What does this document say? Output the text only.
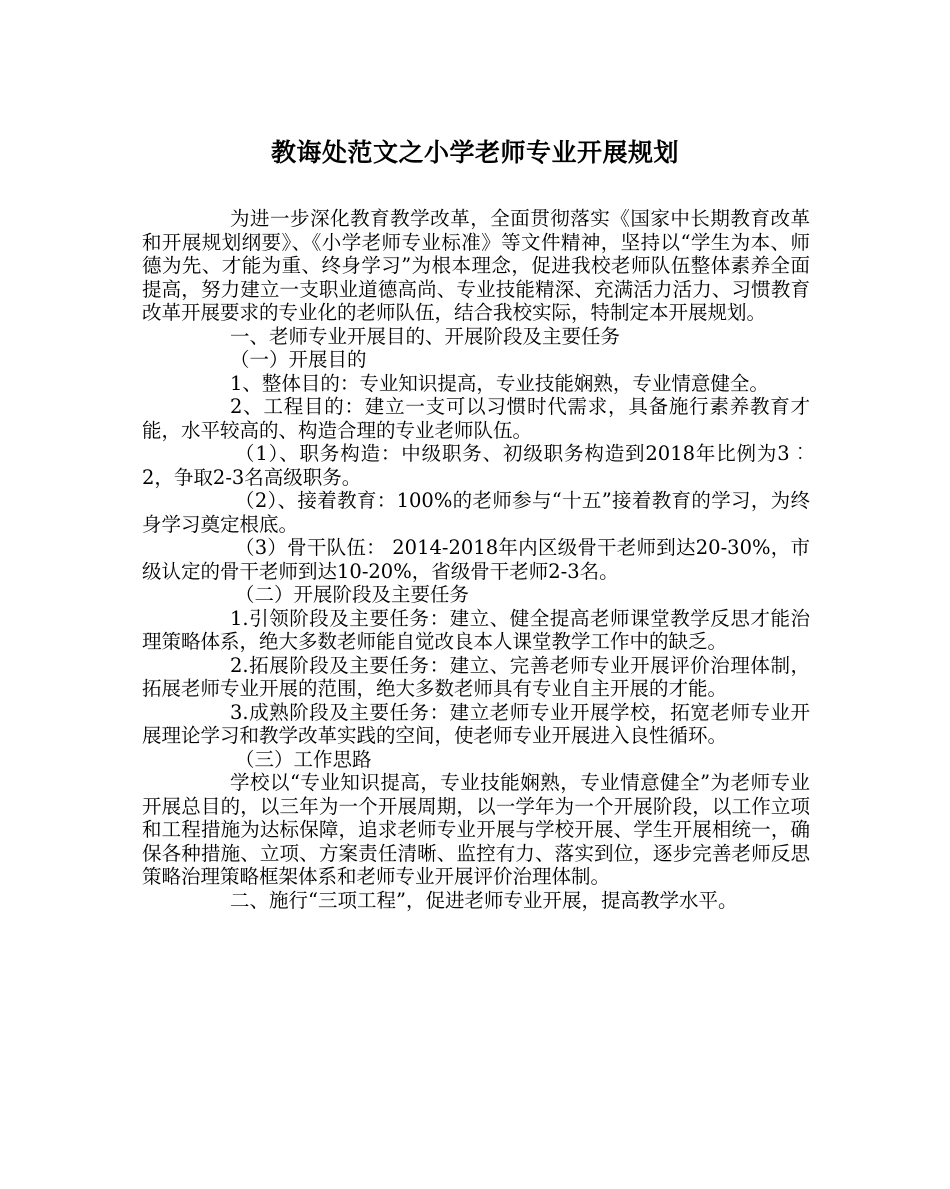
教诲处范文之小学老师专业开展规划

为进一步深化教育教学改革，全面贯彻落实《国家中长期教育改革和开展规划纲要》、《小学老师专业标准》等文件精神，坚持以“学生为本、师德为先、才能为重、终身学习”为根本理念，促进我校老师队伍整体素养全面提高，努力建立一支职业道德高尚、专业技能精深、充满活力活力、习惯教育改革开展要求的专业化的老师队伍，结合我校实际，特制定本开展规划。

一、老师专业开展目的、开展阶段及主要任务

（一）开展目的

1、整体目的：专业知识提高，专业技能娴熟，专业情意健全。

2、工程目的：建立一支可以习惯时代需求，具备施行素养教育才能，水平较高的、构造合理的专业老师队伍。

（1）、职务构造：中级职务、初级职务构造到2018年比例为3︰2，争取2-3名高级职务。

（2）、接着教育：100%的老师参与“十五”接着教育的学习，为终身学习奠定根底。

（3）骨干队伍： 2014-2018年内区级骨干老师到达20-30%，市级认定的骨干老师到达10-20%，省级骨干老师2-3名。

（二）开展阶段及主要任务

1.引领阶段及主要任务：建立、健全提高老师课堂教学反思才能治理策略体系，绝大多数老师能自觉改良本人课堂教学工作中的缺乏。

2.拓展阶段及主要任务：建立、完善老师专业开展评价治理体制，拓展老师专业开展的范围，绝大多数老师具有专业自主开展的才能。

3.成熟阶段及主要任务：建立老师专业开展学校，拓宽老师专业开展理论学习和教学改革实践的空间，使老师专业开展进入良性循环。

（三）工作思路

学校以“专业知识提高，专业技能娴熟，专业情意健全”为老师专业开展总目的，以三年为一个开展周期，以一学年为一个开展阶段，以工作立项和工程措施为达标保障，追求老师专业开展与学校开展、学生开展相统一，确保各种措施、立项、方案责任清晰、监控有力、落实到位，逐步完善老师反思策略治理策略框架体系和老师专业开展评价治理体制。

二、施行“三项工程”，促进老师专业开展，提高教学水平。
